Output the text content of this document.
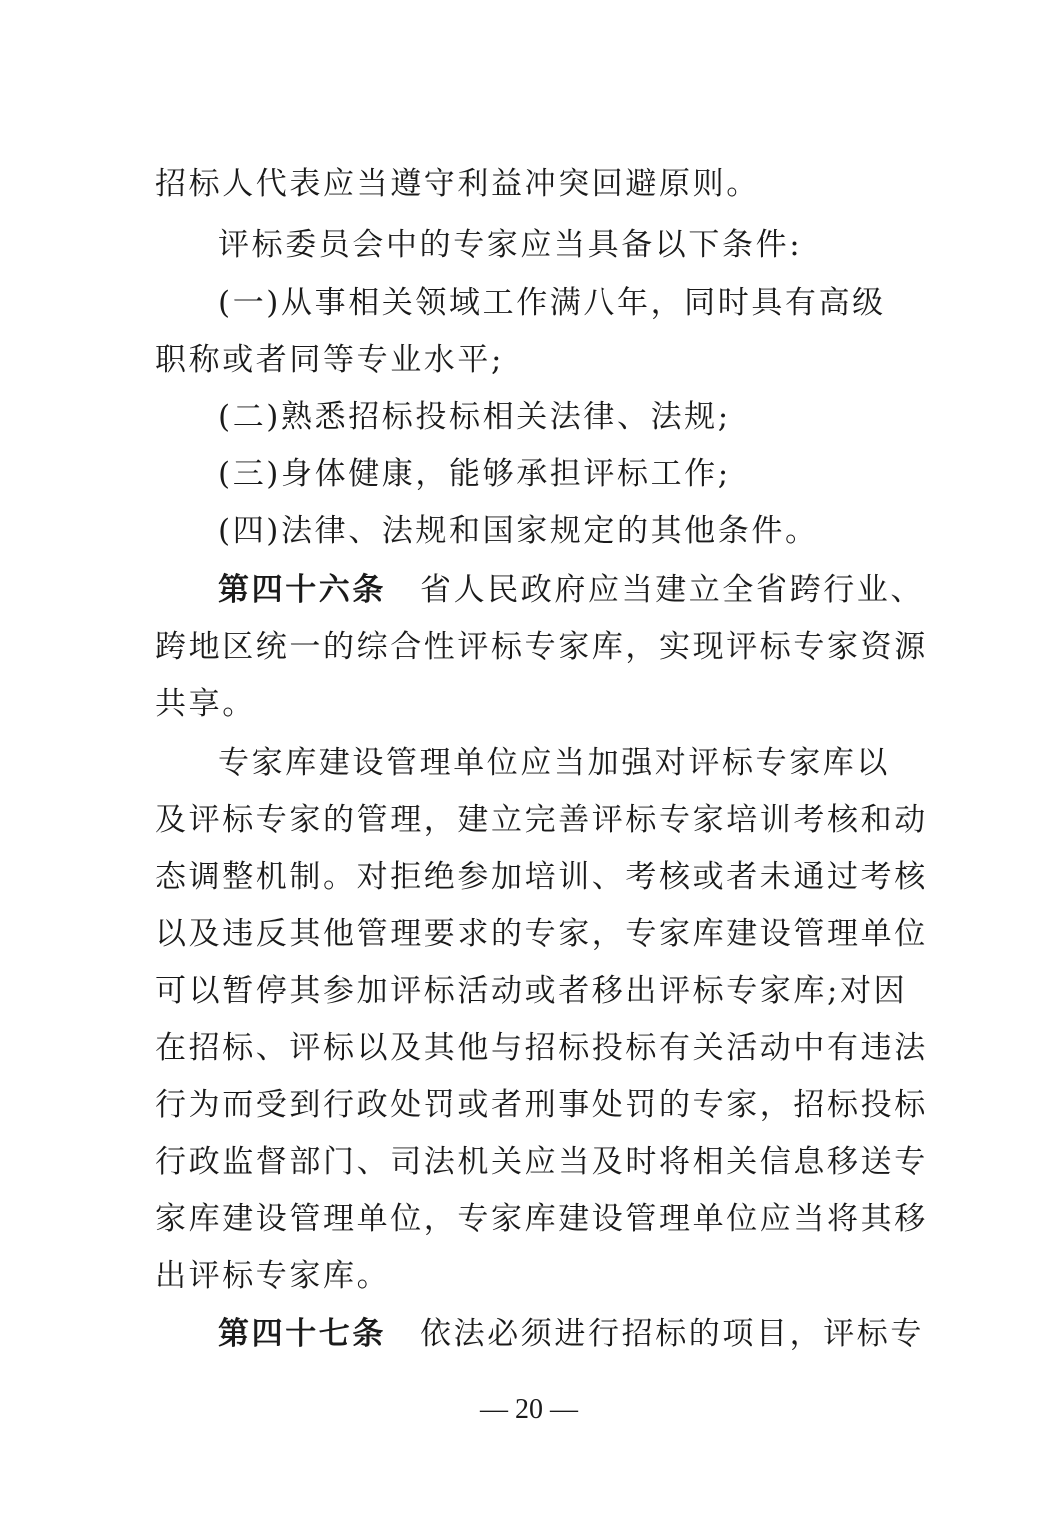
招标人代表应当遵守利益冲突回避原则。
评标委员会中的专家应当具备以下条件:
(一)从事相关领域工作满八年，同时具有高级
职称或者同等专业水平;
(二)熟悉招标投标相关法律、法规;
(三)身体健康，能够承担评标工作;
(四)法律、法规和国家规定的其他条件。
第四十六条 省人民政府应当建立全省跨行业、
跨地区统一的综合性评标专家库，实现评标专家资源
共享。
专家库建设管理单位应当加强对评标专家库以
及评标专家的管理，建立完善评标专家培训考核和动
态调整机制。对拒绝参加培训、考核或者未通过考核
以及违反其他管理要求的专家，专家库建设管理单位
可以暂停其参加评标活动或者移出评标专家库;对因
在招标、评标以及其他与招标投标有关活动中有违法
行为而受到行政处罚或者刑事处罚的专家，招标投标
行政监督部门、司法机关应当及时将相关信息移送专
家库建设管理单位，专家库建设管理单位应当将其移
出评标专家库。
第四十七条 依法必须进行招标的项目，评标专
— 20 —
